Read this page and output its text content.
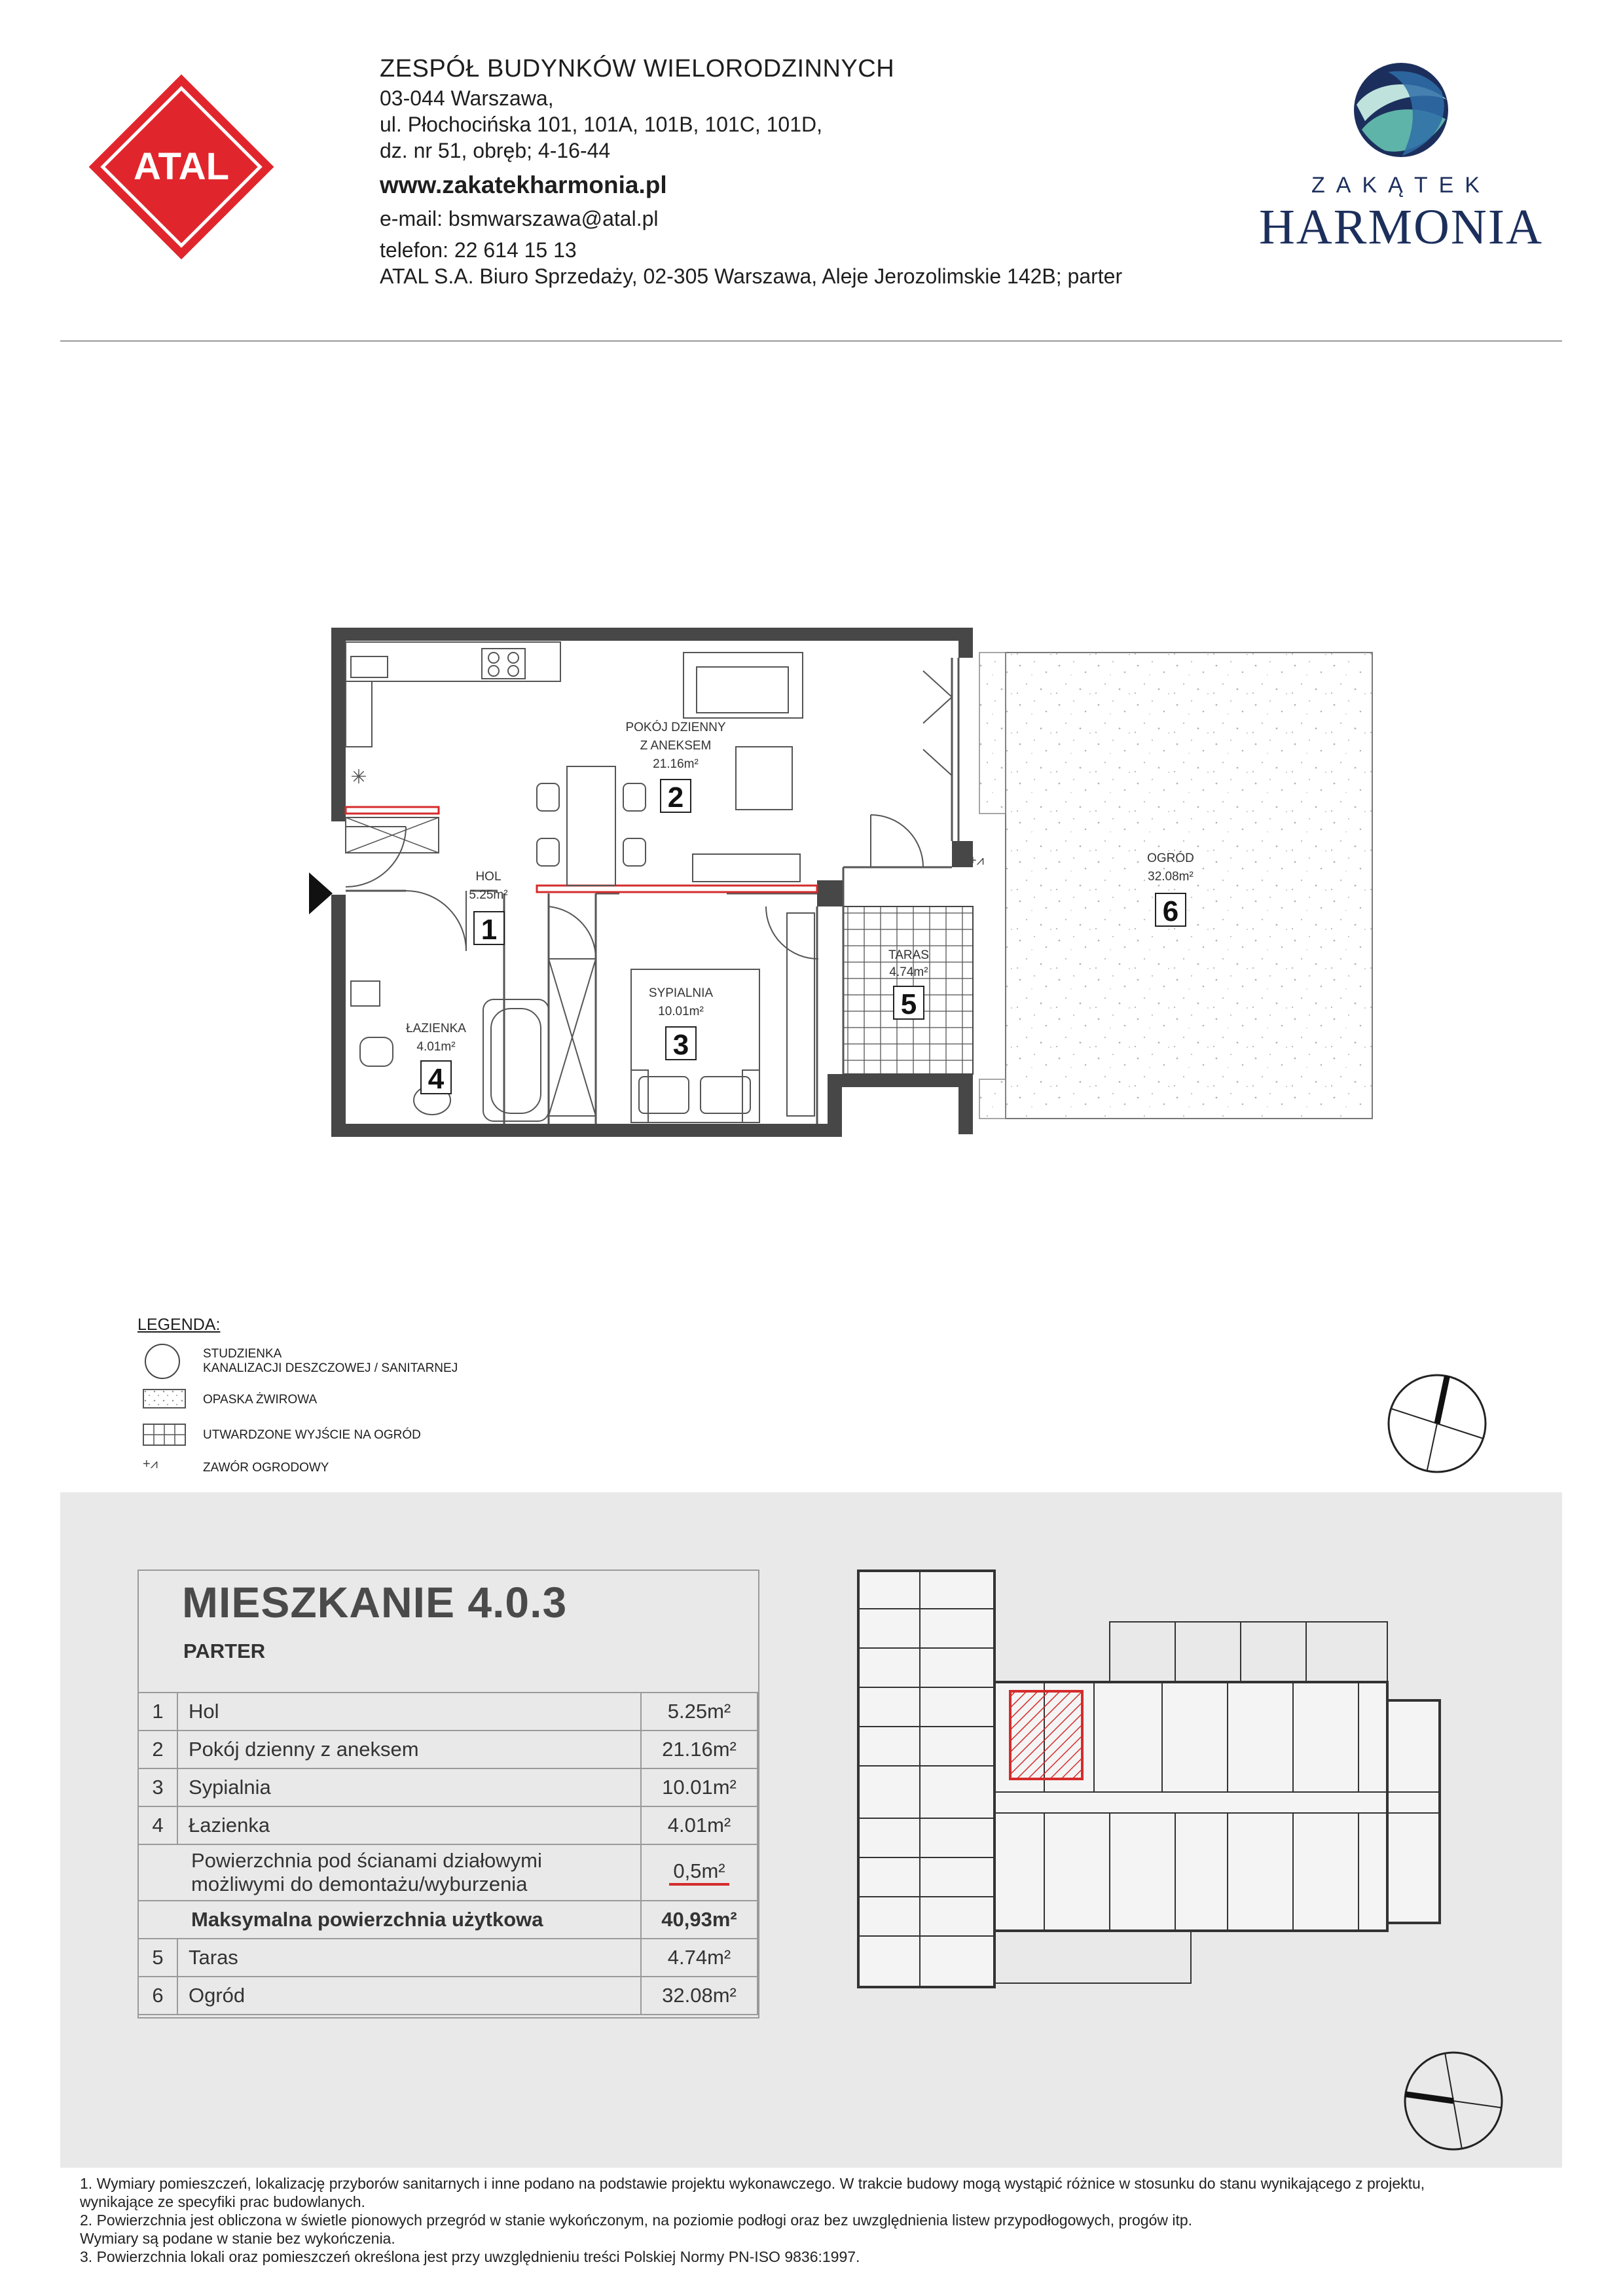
ATAL
ZESPÓŁ BUDYNKÓW WIELORODZINNYCH
03-044 Warszawa,
ul. Płochocińska 101, 101A, 101B, 101C, 101D,
dz. nr 51, obręb; 4-16-44
www.zakatekharmonia.pl
e-mail: bsmwarszawa@atal.pl
telefon: 22 614 15 13
ATAL S.A. Biuro Sprzedaży, 02-305 Warszawa, Aleje Jerozolimskie 142B; parter
ZAKĄTEK
HARMONIA
✳
+⩘
HOL
5.25m²
1
POKÓJ DZIENNY
Z ANEKSEM
21.16m²
2
SYPIALNIA
10.01m²
3
ŁAZIENKA
4.01m²
4
TARAS
4.74m²
5
OGRÓD
32.08m²
6
LEGENDA:
STUDZIENKA
KANALIZACJI DESZCZOWEJ / SANITARNEJ
OPASKA ŻWIROWA
UTWARDZONE WYJŚCIE NA OGRÓD
+⩘	ZAWÓR OGRODOWY
MIESZKANIE 4.0.3
PARTER
1	Hol	5.25m²
2	Pokój dzienny z aneksem	21.16m²
3	Sypialnia	10.01m²
4	Łazienka	4.01m²

Powierzchnia pod ścianami działowymi
możliwymi do demontażu/wyburzenia		0,5m²
Maksymalna powierzchnia użytkowa		40,93m²
5	Taras	4.74m²
6	Ogród	32.08m²

1. Wymiary pomieszczeń, lokalizację przyborów sanitarnych i inne podano na podstawie projektu wykonawczego. W trakcie budowy mogą wystąpić różnice w stosunku do stanu wynikającego z projektu,

wynikające ze specyfiki prac budowlanych.

2. Powierzchnia jest obliczona w świetle pionowych przegród w stanie wykończonym, na poziomie podłogi oraz bez uwzględnienia listew przypodłogowych, progów itp.

Wymiary są podane w stanie bez wykończenia.

3. Powierzchnia lokali oraz pomieszczeń określona jest przy uwzględnieniu treści Polskiej Normy PN-ISO 9836:1997.
